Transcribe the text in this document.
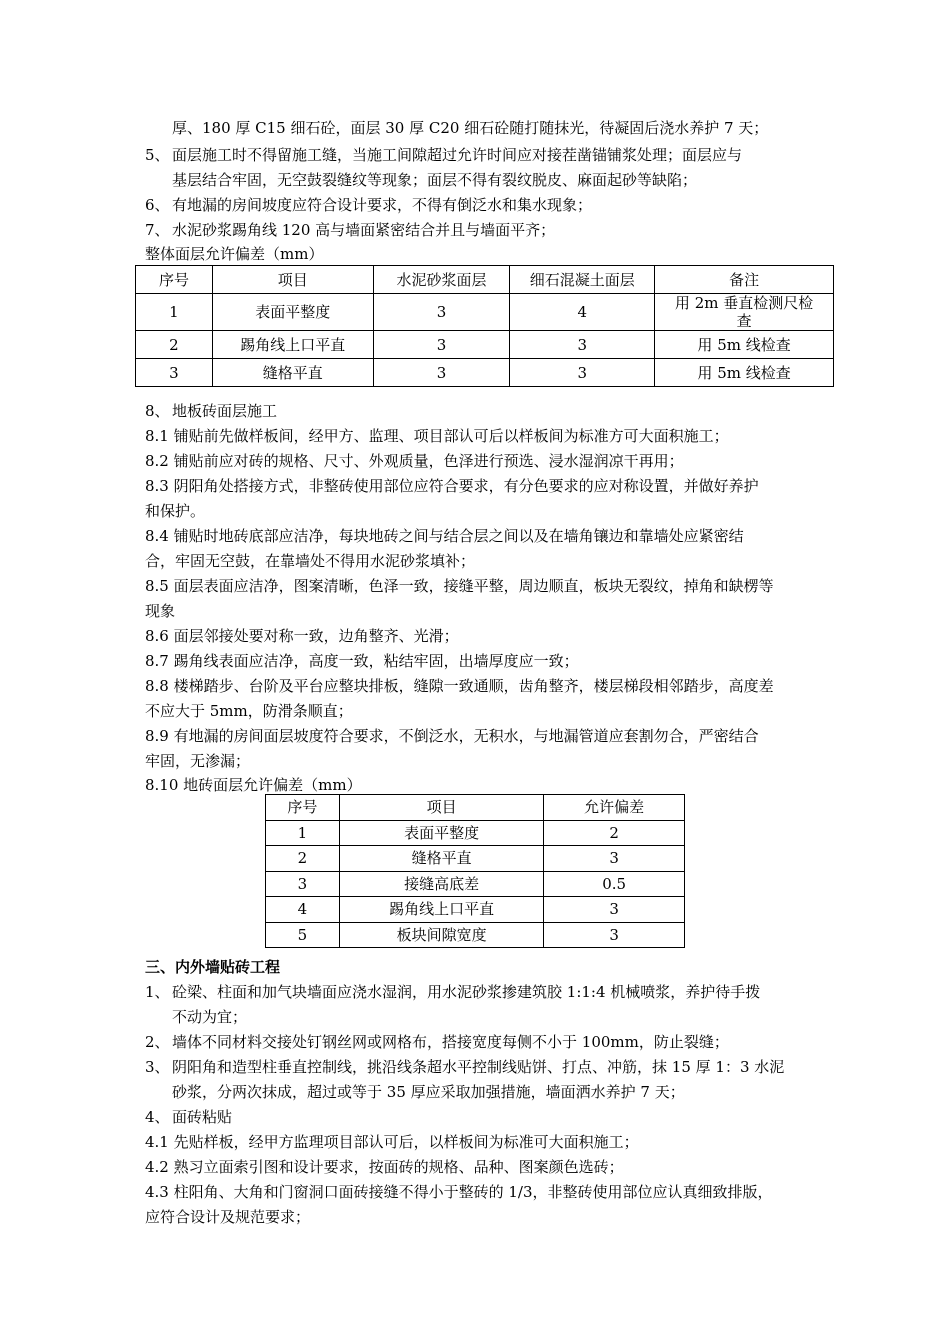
厚、180 厚 C15 细石砼，面层 30 厚 C20 细石砼随打随抹光，待凝固后浇水养护 7 天；
5、 面层施工时不得留施工缝，当施工间隙超过允许时间应对接茬凿锚铺浆处理；面层应与
基层结合牢固，无空鼓裂缝纹等现象；面层不得有裂纹脱皮、麻面起砂等缺陷；
6、 有地漏的房间坡度应符合设计要求，不得有倒泛水和集水现象；
7、 水泥砂浆踢角线 120 高与墙面紧密结合并且与墙面平齐；
整体面层允许偏差（mm）
序号	项目	水泥砂浆面层	细石混凝土面层	备注
1	表面平整度	3	4	用 2m 垂直检测尺检查
2	踢角线上口平直	3	3	用 5m 线检查
3	缝格平直	3	3	用 5m 线检查
8、 地板砖面层施工
8.1 铺贴前先做样板间，经甲方、监理、项目部认可后以样板间为标准方可大面积施工；
8.2 铺贴前应对砖的规格、尺寸、外观质量，色泽进行预选、浸水湿润凉干再用；
8.3 阴阳角处搭接方式，非整砖使用部位应符合要求，有分色要求的应对称设置，并做好养护
和保护。
8.4 铺贴时地砖底部应洁净，每块地砖之间与结合层之间以及在墙角镶边和靠墙处应紧密结
合，牢固无空鼓，在靠墙处不得用水泥砂浆填补；
8.5 面层表面应洁净，图案清晰，色泽一致，接缝平整，周边顺直，板块无裂纹，掉角和缺楞等
现象
8.6 面层邻接处要对称一致，边角整齐、光滑；
8.7 踢角线表面应洁净，高度一致，粘结牢固，出墙厚度应一致；
8.8 楼梯踏步、台阶及平台应整块排板，缝隙一致通顺，齿角整齐，楼层梯段相邻踏步，高度差
不应大于 5mm，防滑条顺直；
8.9 有地漏的房间面层坡度符合要求，不倒泛水，无积水，与地漏管道应套割勿合，严密结合
牢固，无渗漏；
8.10 地砖面层允许偏差（mm）
序号	项目	允许偏差
1	表面平整度	2
2	缝格平直	3
3	接缝高底差	0.5
4	踢角线上口平直	3
5	板块间隙宽度	3
三、内外墙贴砖工程
1、 砼梁、柱面和加气块墙面应浇水湿润，用水泥砂浆掺建筑胶 1:1:4 机械喷浆，养护待手拨
不动为宜；
2、 墙体不同材料交接处钉钢丝网或网格布，搭接宽度每侧不小于 100mm，防止裂缝；
3、 阴阳角和造型柱垂直控制线，挑沿线条超水平控制线贴饼、打点、冲筋，抹 15 厚 1：3 水泥
砂浆，分两次抹成，超过或等于 35 厚应采取加强措施，墙面洒水养护 7 天；
4、 面砖粘贴
4.1 先贴样板，经甲方监理项目部认可后，以样板间为标准可大面积施工；
4.2 熟习立面索引图和设计要求，按面砖的规格、品种、图案颜色选砖；
4.3 柱阳角、大角和门窗洞口面砖接缝不得小于整砖的 1/3，非整砖使用部位应认真细致排版，
应符合设计及规范要求；
